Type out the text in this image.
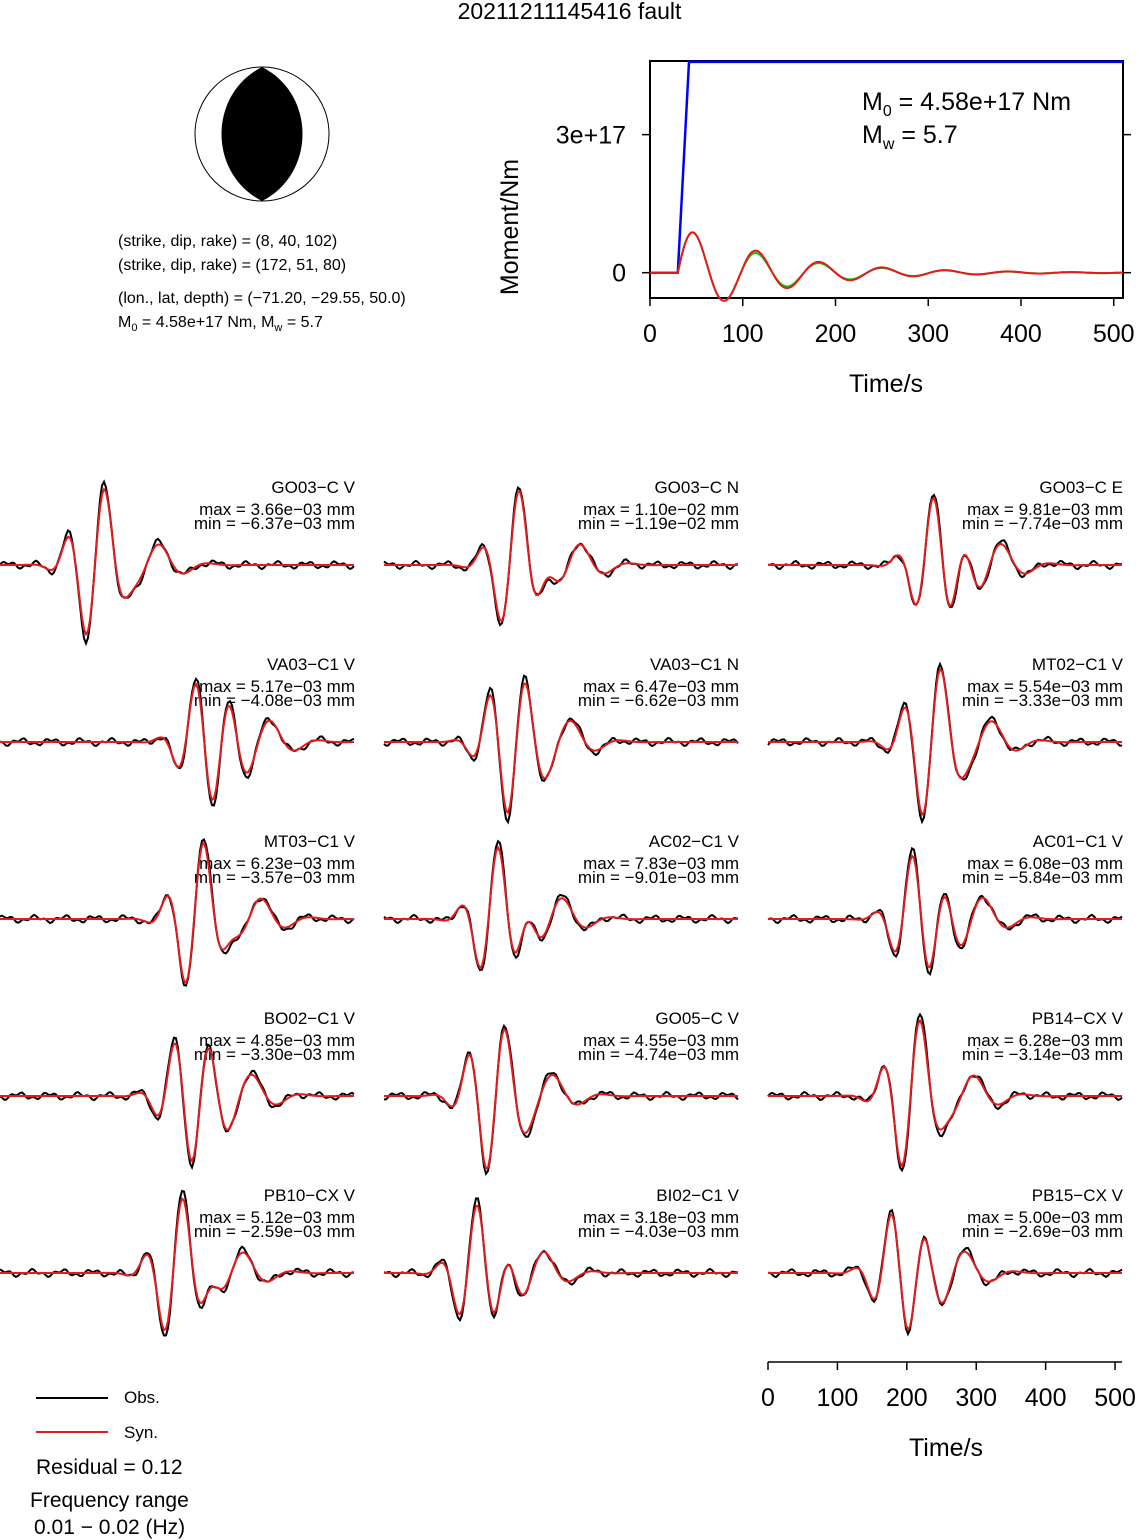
20211211145416 fault
(strike, dip, rake) = (8, 40, 102)
(strike, dip, rake) = (172, 51, 80)
(lon., lat, depth) = (−71.20, −29.55, 50.0)
$M_0 = 4.58e+17$ Nm, $M_w = 5.7$
0
3e+17
0	100 200 300 400 500
Moment/Nm
Time/s
$M_0 = 4.58e+17$ Nm
$M_w = 5.7$
GO03−C V
max = 3.66e−03 mm
min = −6.37e−03 mm
GO03−C N
max = 1.10e−02 mm
min = −1.19e−02 mm
GO03−C E
max = 9.81e−03 mm
min = −7.74e−03 mm
VA03−C1 V
max = 5.17e−03 mm
min = −4.08e−03 mm
VA03−C1 N
max = 6.47e−03 mm
min = −6.62e−03 mm
MT02−C1 V
max = 5.54e−03 mm
min = −3.33e−03 mm
MT03−C1 V
max = 6.23e−03 mm
min = −3.57e−03 mm
AC02−C1 V
max = 7.83e−03 mm
min = −9.01e−03 mm
AC01−C1 V
max = 6.08e−03 mm
min = −5.84e−03 mm
BO02−C1 V
max = 4.85e−03 mm
min = −3.30e−03 mm
GO05−C V
max = 4.55e−03 mm
min = −4.74e−03 mm
PB14−CX V
max = 6.28e−03 mm
min = −3.14e−03 mm
PB10−CX V
max = 5.12e−03 mm
min = −2.59e−03 mm
BI02−C1 V
max = 3.18e−03 mm
min = −4.03e−03 mm
PB15−CX V
max = 5.00e−03 mm
min = −2.69e−03 mm
0 100 200 300 400 500
Time/s
Obs.
Syn.
Residual = 0.12
Frequency range
0.01 − 0.02 (Hz)
